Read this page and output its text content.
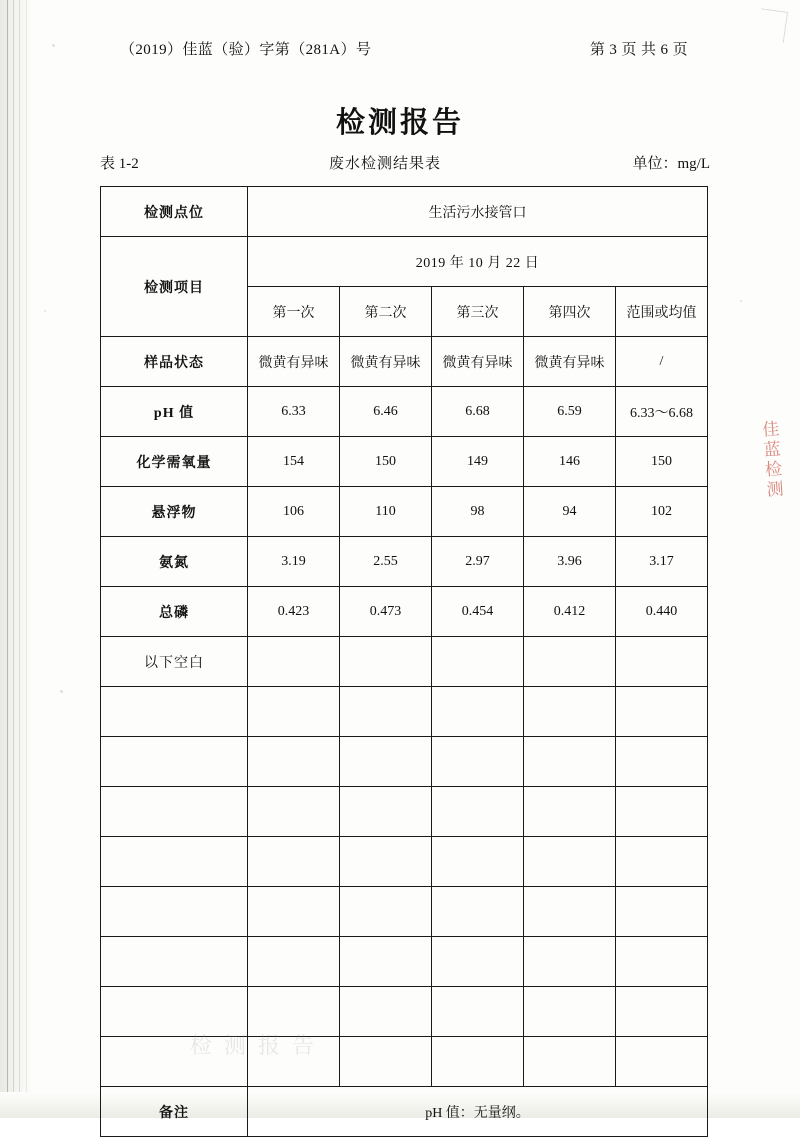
（2019）佳蓝（验）字第（281A）号	第 3 页 共 6 页
检测报告
表 1-2	废水检测结果表	单位：mg/L
检测点位	生活污水接管口				
检测项目	2019 年 10 月 22 日				
	第一次	第二次	第三次	第四次	范围或均值
样品状态	微黄有异味	微黄有异味	微黄有异味	微黄有异味	/
pH 值	6.33	6.46	6.68	6.59	6.33～6.68
化学需氧量	154	150	149	146	150
悬浮物	106	110	98	94	102
氨氮	3.19	2.55	2.97	3.96	3.17
总磷	0.423	0.473	0.454	0.412	0.440
以下空白					

备注	pH 值：无量纲。				
佳蓝检测
检测报告
